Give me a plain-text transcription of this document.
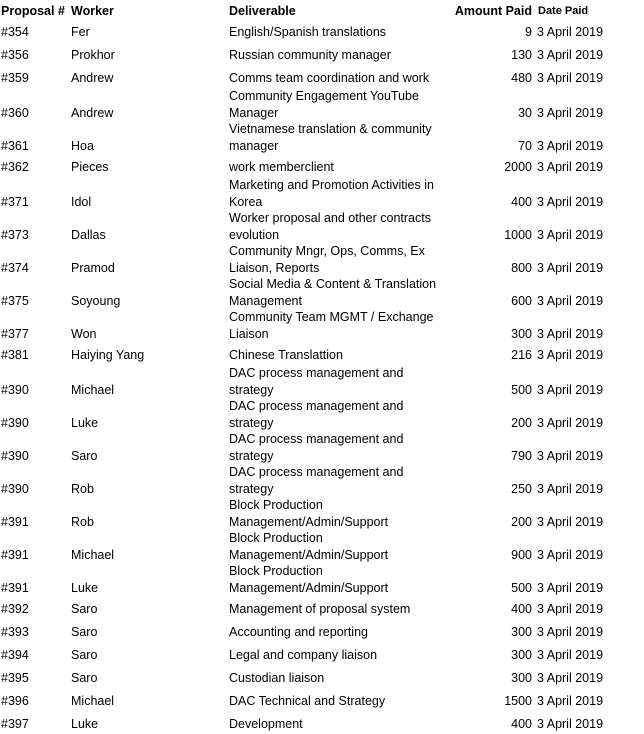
Proposal #	Worker	Deliverable	Amount Paid	Date Paid
#354	Fer	English/Spanish translations	9	3 April 2019
#356	Prokhor	Russian community manager	130	3 April 2019
#359	Andrew	Comms team coordination and work	480	3 April 2019
#360	Andrew	Community Engagement YouTube Manager	30	3 April 2019
#361	Hoa	Vietnamese translation & community manager	70	3 April 2019
#362	Pieces	work memberclient	2000	3 April 2019
#371	Idol	Marketing and Promotion Activities in Korea	400	3 April 2019
#373	Dallas	Worker proposal and other contracts evolution	1000	3 April 2019
#374	Pramod	Community Mngr, Ops, Comms, Ex Liaison, Reports	800	3 April 2019
#375	Soyoung	Social Media & Content & Translation Management	600	3 April 2019
#377	Won	Community Team MGMT / Exchange Liaison	300	3 April 2019
#381	Haiying Yang	Chinese Translattion	216	3 April 2019
#390	Michael	DAC process management and strategy	500	3 April 2019
#390	Luke	DAC process management and strategy	200	3 April 2019
#390	Saro	DAC process management and strategy	790	3 April 2019
#390	Rob	DAC process management and strategy	250	3 April 2019
#391	Rob	Block Production Management/Admin/Support	200	3 April 2019
#391	Michael	Block Production Management/Admin/Support	900	3 April 2019
#391	Luke	Block Production Management/Admin/Support	500	3 April 2019
#392	Saro	Management of proposal system	400	3 April 2019
#393	Saro	Accounting and reporting	300	3 April 2019
#394	Saro	Legal and company liaison	300	3 April 2019
#395	Saro	Custodian liaison	300	3 April 2019
#396	Michael	DAC Technical and Strategy	1500	3 April 2019
#397	Luke	Development	400	3 April 2019
